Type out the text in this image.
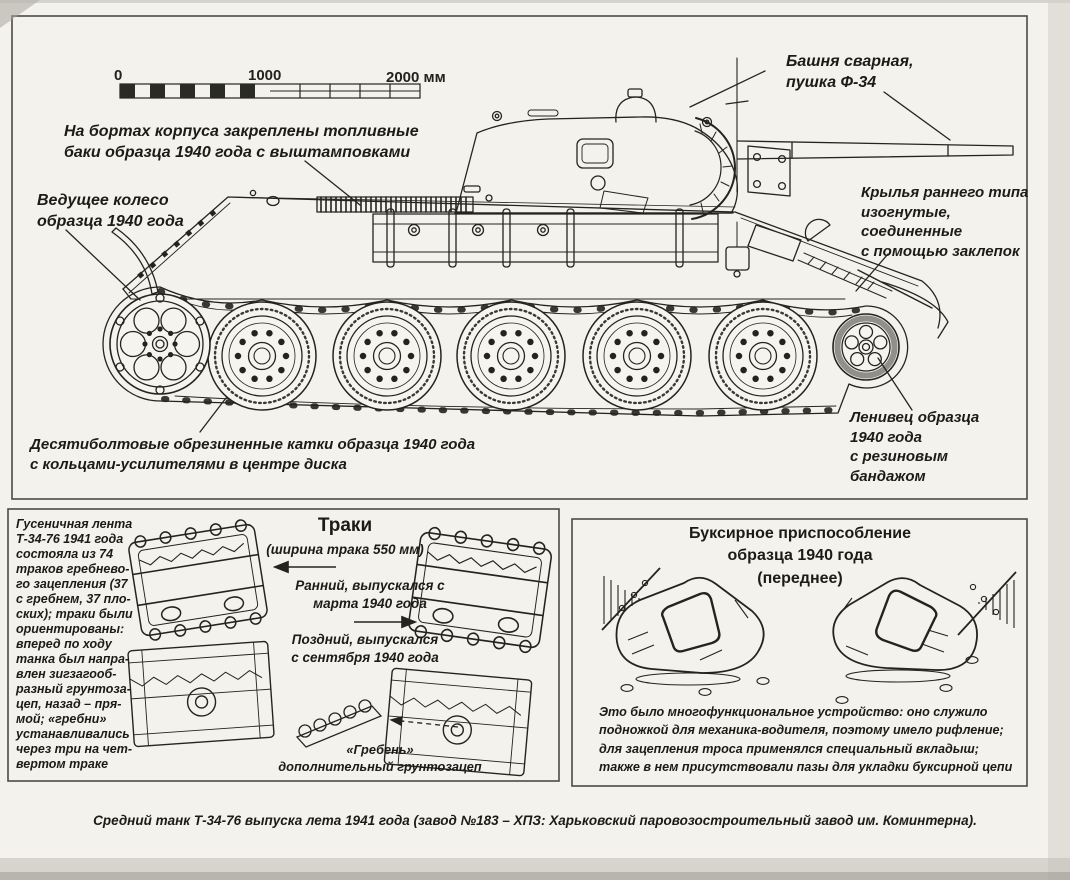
0	1000	2000 мм
На бортах корпуса закреплены топливные
баки образца 1940 года с выштамповками
Башня сварная,
пушка Ф-34
Ведущее колесо
образца 1940 года
Крылья раннего типа
изогнутые,
соединенные
с помощью заклепок
Десятиболтовые обрезиненные катки образца 1940 года
с кольцами-усилителями в центре диска
Ленивец образца
1940 года
с резиновым
бандажом
Гусеничная лента
Т-34-76 1941 года
состояла из 74
траков гребнево-
го зацепления (37
с гребнем, 37 пло-
ских); траки были
ориентированы:
вперед по ходу
танка был напра-
влен зигзагооб-
разный грунтоза-
цеп, назад – пря-
мой; «гребни»
устанавливались
через три на чет-
вертом траке
Траки
(ширина трака 550 мм)
Ранний, выпускался с
марта 1940 года
Поздний, выпускался
с сентября 1940 года
«Гребень»
дополнительный грунтозацеп
Буксирное приспособление
образца 1940 года
(переднее)
Это было многофункциональное устройство: оно служило
подножкой для механика-водителя, поэтому имело рифление;
для зацепления троса применялся специальный вкладыш;
также в нем присутствовали пазы для укладки буксирной цепи
Средний танк Т-34-76 выпуска лета 1941 года (завод №183 – ХПЗ: Харьковский паровозостроительный завод им. Коминтерна).
